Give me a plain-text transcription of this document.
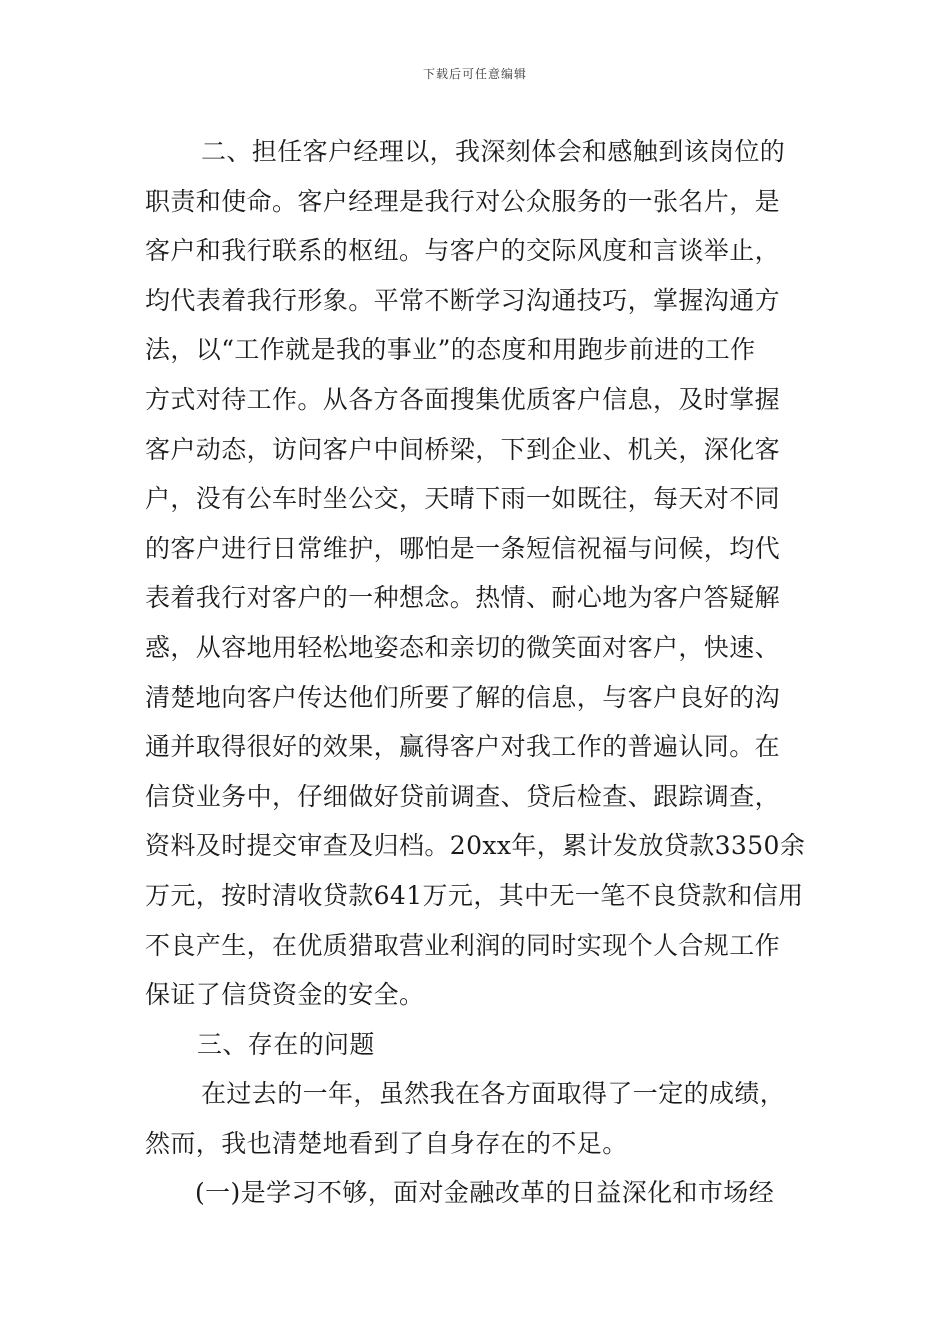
下载后可任意编辑
二、担任客户经理以，我深刻体会和感触到该岗位的
职责和使命。客户经理是我行对公众服务的一张名片，是
客户和我行联系的枢纽。与客户的交际风度和言谈举止，
均代表着我行形象。平常不断学习沟通技巧，掌握沟通方
法，以“工作就是我的事业”的态度和用跑步前进的工作
方式对待工作。从各方各面搜集优质客户信息，及时掌握
客户动态，访问客户中间桥梁，下到企业、机关，深化客
户，没有公车时坐公交，天晴下雨一如既往，每天对不同
的客户进行日常维护，哪怕是一条短信祝福与问候，均代
表着我行对客户的一种想念。热情、耐心地为客户答疑解
惑，从容地用轻松地姿态和亲切的微笑面对客户，快速、
清楚地向客户传达他们所要了解的信息，与客户良好的沟
通并取得很好的效果，赢得客户对我工作的普遍认同。在
信贷业务中，仔细做好贷前调查、贷后检查、跟踪调查，
资料及时提交审查及归档。20xx年，累计发放贷款3350余
万元，按时清收贷款641万元，其中无一笔不良贷款和信用
不良产生，在优质猎取营业利润的同时实现个人合规工作
保证了信贷资金的安全。
三、存在的问题
在过去的一年，虽然我在各方面取得了一定的成绩，
然而，我也清楚地看到了自身存在的不足。
(一)是学习不够，面对金融改革的日益深化和市场经
